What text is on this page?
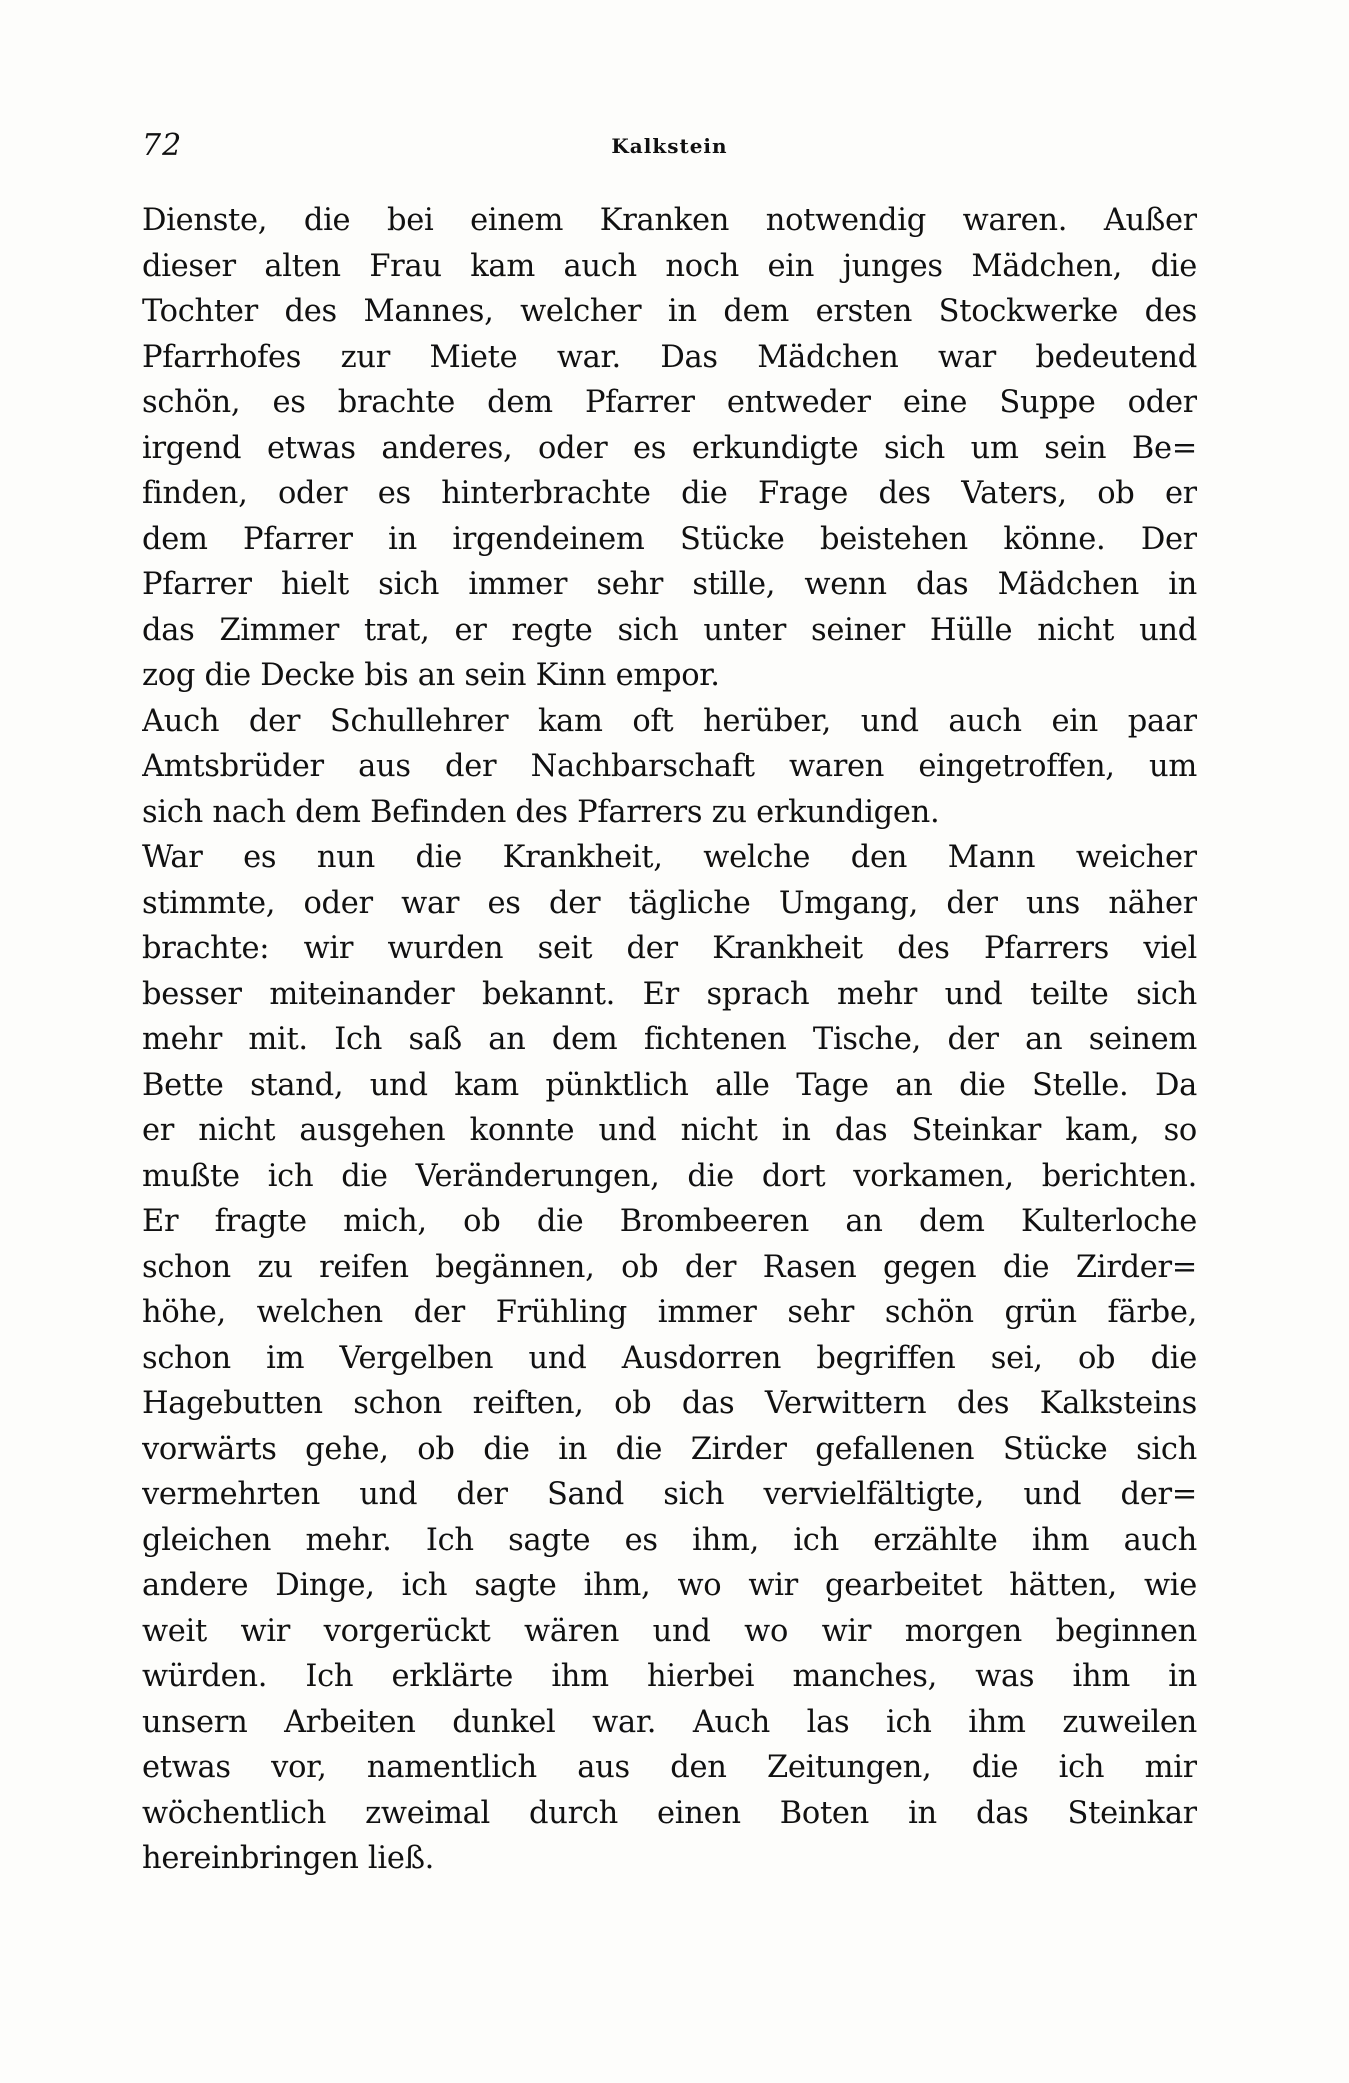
72	Kalkstein
Dienste, die bei einem Kranken notwendig waren. Außer
dieser alten Frau kam auch noch ein junges Mädchen, die
Tochter des Mannes, welcher in dem ersten Stockwerke des
Pfarrhofes zur Miete war. Das Mädchen war bedeutend
schön, es brachte dem Pfarrer entweder eine Suppe oder
irgend etwas anderes, oder es erkundigte sich um sein Be=
finden, oder es hinterbrachte die Frage des Vaters, ob er
dem Pfarrer in irgendeinem Stücke beistehen könne. Der
Pfarrer hielt sich immer sehr stille, wenn das Mädchen in
das Zimmer trat, er regte sich unter seiner Hülle nicht und
zog die Decke bis an sein Kinn empor.
Auch der Schullehrer kam oft herüber, und auch ein paar
Amtsbrüder aus der Nachbarschaft waren eingetroffen, um
sich nach dem Befinden des Pfarrers zu erkundigen.
War es nun die Krankheit, welche den Mann weicher
stimmte, oder war es der tägliche Umgang, der uns näher
brachte: wir wurden seit der Krankheit des Pfarrers viel
besser miteinander bekannt. Er sprach mehr und teilte sich
mehr mit. Ich saß an dem fichtenen Tische, der an seinem
Bette stand, und kam pünktlich alle Tage an die Stelle. Da
er nicht ausgehen konnte und nicht in das Steinkar kam, so
mußte ich die Veränderungen, die dort vorkamen, berichten.
Er fragte mich, ob die Brombeeren an dem Kulterloche
schon zu reifen begännen, ob der Rasen gegen die Zirder=
höhe, welchen der Frühling immer sehr schön grün färbe,
schon im Vergelben und Ausdorren begriffen sei, ob die
Hagebutten schon reiften, ob das Verwittern des Kalksteins
vorwärts gehe, ob die in die Zirder gefallenen Stücke sich
vermehrten und der Sand sich vervielfältigte, und der=
gleichen mehr. Ich sagte es ihm, ich erzählte ihm auch
andere Dinge, ich sagte ihm, wo wir gearbeitet hätten, wie
weit wir vorgerückt wären und wo wir morgen beginnen
würden. Ich erklärte ihm hierbei manches, was ihm in
unsern Arbeiten dunkel war. Auch las ich ihm zuweilen
etwas vor, namentlich aus den Zeitungen, die ich mir
wöchentlich zweimal durch einen Boten in das Steinkar
hereinbringen ließ.
